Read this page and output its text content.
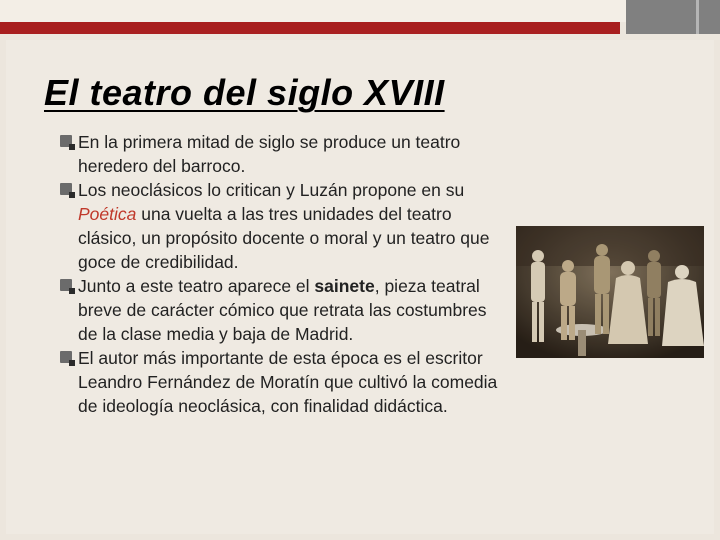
El teatro del siglo XVIII
En la primera mitad de siglo se produce un teatro heredero del barroco.
Los neoclásicos lo critican y Luzán propone en su Poética una vuelta a las tres unidades del teatro clásico, un propósito docente o moral y un teatro que goce de credibilidad.
Junto a este teatro aparece el sainete, pieza teatral breve de carácter cómico que retrata las costumbres de la clase media y baja de Madrid.
El autor más importante de esta época es el escritor Leandro Fernández de Moratín que cultivó la comedia de ideología neoclásica, con finalidad didáctica.
